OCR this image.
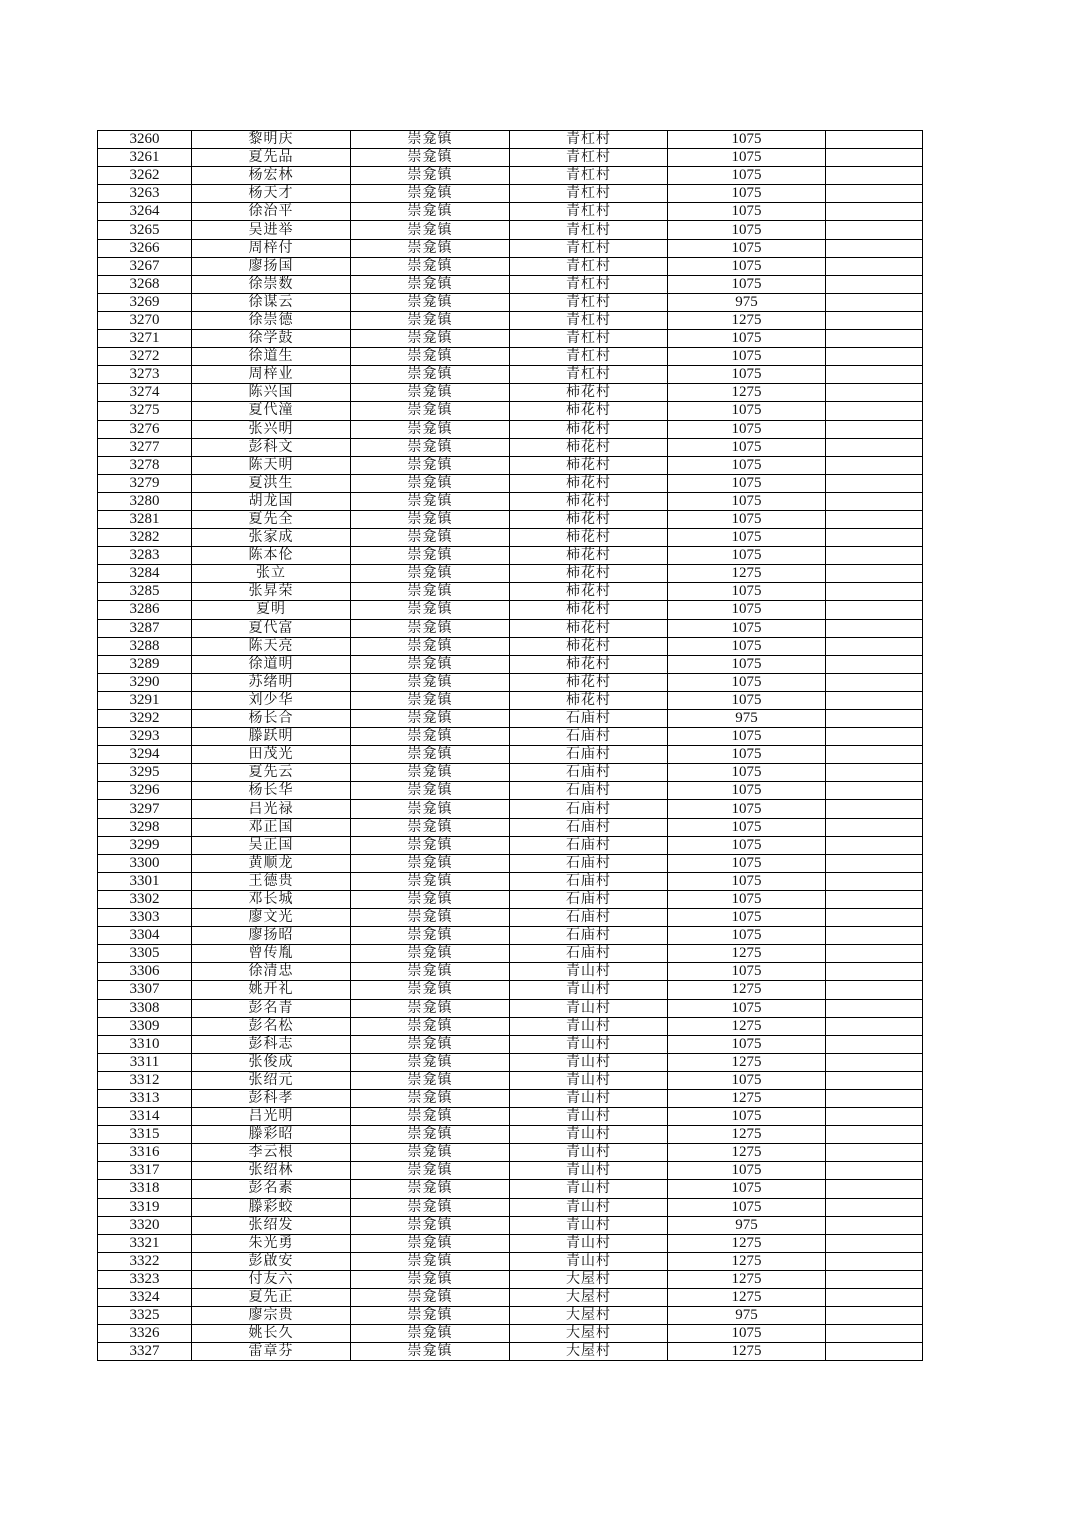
3260	黎明庆	崇龛镇	青杠村	1075	
3261	夏先品	崇龛镇	青杠村	1075	
3262	杨宏林	崇龛镇	青杠村	1075	
3263	杨天才	崇龛镇	青杠村	1075	
3264	徐治平	崇龛镇	青杠村	1075	
3265	吴进举	崇龛镇	青杠村	1075	
3266	周梓付	崇龛镇	青杠村	1075	
3267	廖扬国	崇龛镇	青杠村	1075	
3268	徐崇数	崇龛镇	青杠村	1075	
3269	徐谋云	崇龛镇	青杠村	975	
3270	徐崇德	崇龛镇	青杠村	1275	
3271	徐学鼓	崇龛镇	青杠村	1075	
3272	徐道生	崇龛镇	青杠村	1075	
3273	周梓业	崇龛镇	青杠村	1075	
3274	陈兴国	崇龛镇	柿花村	1275	
3275	夏代潼	崇龛镇	柿花村	1075	
3276	张兴明	崇龛镇	柿花村	1075	
3277	彭科文	崇龛镇	柿花村	1075	
3278	陈天明	崇龛镇	柿花村	1075	
3279	夏洪生	崇龛镇	柿花村	1075	
3280	胡龙国	崇龛镇	柿花村	1075	
3281	夏先全	崇龛镇	柿花村	1075	
3282	张家成	崇龛镇	柿花村	1075	
3283	陈本伦	崇龛镇	柿花村	1075	
3284	张立	崇龛镇	柿花村	1275	
3285	张昇荣	崇龛镇	柿花村	1075	
3286	夏明	崇龛镇	柿花村	1075	
3287	夏代富	崇龛镇	柿花村	1075	
3288	陈天亮	崇龛镇	柿花村	1075	
3289	徐道明	崇龛镇	柿花村	1075	
3290	苏绪明	崇龛镇	柿花村	1075	
3291	刘少华	崇龛镇	柿花村	1075	
3292	杨长合	崇龛镇	石庙村	975	
3293	滕跃明	崇龛镇	石庙村	1075	
3294	田茂光	崇龛镇	石庙村	1075	
3295	夏先云	崇龛镇	石庙村	1075	
3296	杨长华	崇龛镇	石庙村	1075	
3297	吕光禄	崇龛镇	石庙村	1075	
3298	邓正国	崇龛镇	石庙村	1075	
3299	吴正国	崇龛镇	石庙村	1075	
3300	黄顺龙	崇龛镇	石庙村	1075	
3301	王德贵	崇龛镇	石庙村	1075	
3302	邓长城	崇龛镇	石庙村	1075	
3303	廖文光	崇龛镇	石庙村	1075	
3304	廖扬昭	崇龛镇	石庙村	1075	
3305	曾传胤	崇龛镇	石庙村	1275	
3306	徐清忠	崇龛镇	青山村	1075	
3307	姚开礼	崇龛镇	青山村	1275	
3308	彭名青	崇龛镇	青山村	1075	
3309	彭名松	崇龛镇	青山村	1275	
3310	彭科志	崇龛镇	青山村	1075	
3311	张俊成	崇龛镇	青山村	1275	
3312	张绍元	崇龛镇	青山村	1075	
3313	彭科孝	崇龛镇	青山村	1275	
3314	吕光明	崇龛镇	青山村	1075	
3315	滕彩昭	崇龛镇	青山村	1275	
3316	李云根	崇龛镇	青山村	1275	
3317	张绍林	崇龛镇	青山村	1075	
3318	彭名素	崇龛镇	青山村	1075	
3319	滕彩蛟	崇龛镇	青山村	1075	
3320	张绍发	崇龛镇	青山村	975	
3321	朱光勇	崇龛镇	青山村	1275	
3322	彭啟安	崇龛镇	青山村	1275	
3323	付友六	崇龛镇	大屋村	1275	
3324	夏先正	崇龛镇	大屋村	1275	
3325	廖宗贵	崇龛镇	大屋村	975	
3326	姚长久	崇龛镇	大屋村	1075	
3327	雷章芬	崇龛镇	大屋村	1275	
